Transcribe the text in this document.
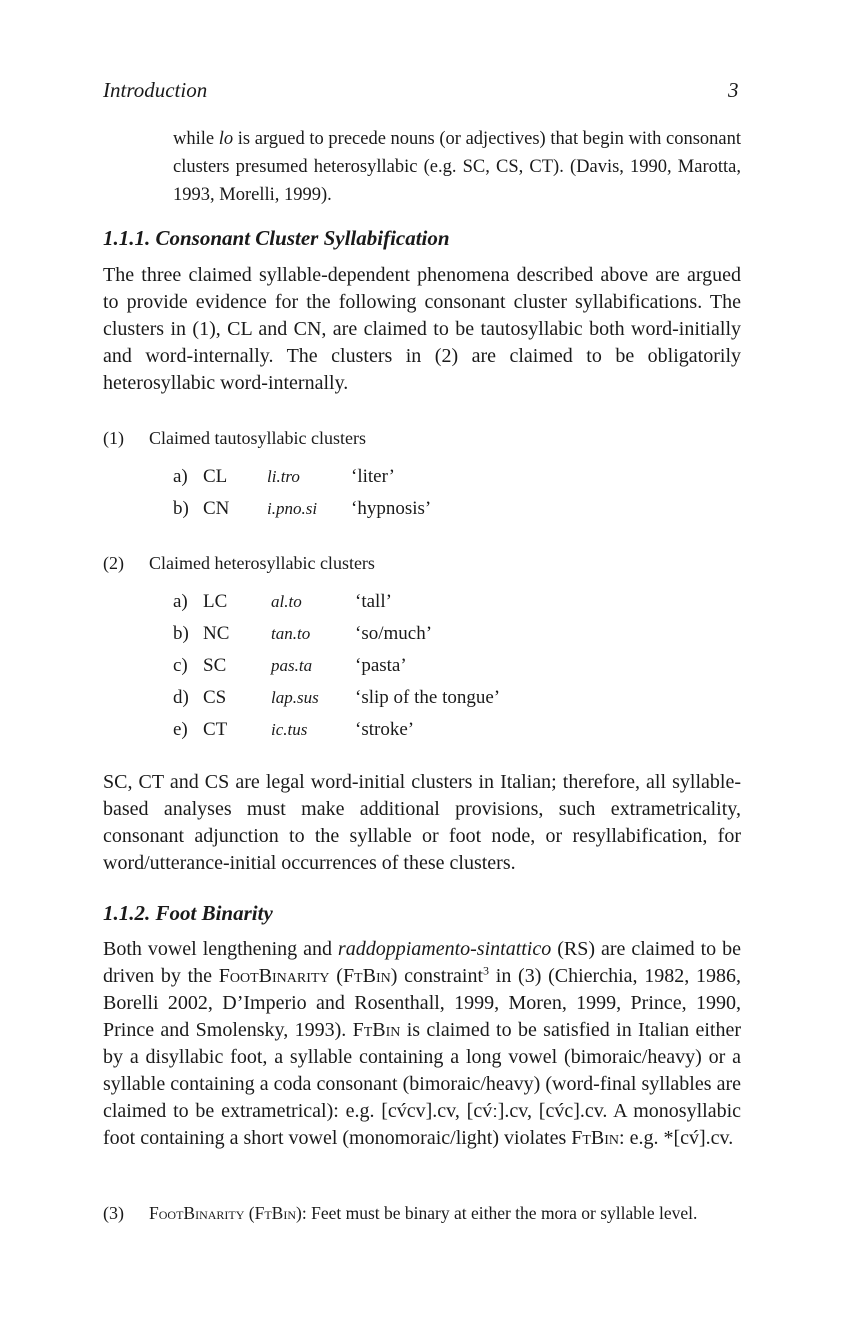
Introduction	3
while lo is argued to precede nouns (or adjectives) that begin with consonant clusters presumed heterosyllabic (e.g. SC, CS, CT). (Davis, 1990, Marotta, 1993, Morelli, 1999).
1.1.1. Consonant Cluster Syllabification
The three claimed syllable-dependent phenomena described above are argued to provide evidence for the following consonant cluster syllabifications. The clusters in (1), CL and CN, are claimed to be tautosyllabic both word-initially and word-internally. The clusters in (2) are claimed to be obligatorily heterosyllabic word-internally.
(1) Claimed tautosyllabic clusters
a) CL li.tro	‘liter’
b) CN i.pno.si ‘hypnosis’
(2) Claimed heterosyllabic clusters
a) LC	al.to	‘tall’
b) NC tan.to ‘so/much’
c) SC	pas.ta ‘pasta’
d) CS	lap.sus ‘slip of the tongue’
e) CT	ic.tus	‘stroke’
SC, CT and CS are legal word-initial clusters in Italian; therefore, all syllable-based analyses must make additional provisions, such extrametricality, consonant adjunction to the syllable or foot node, or resyllabification, for word/utterance-initial occurrences of these clusters.
1.1.2. Foot Binarity
Both vowel lengthening and raddoppiamento-sintattico (RS) are claimed to be driven by the FootBinarity (FtBin) constraint$^3$ in (3) (Chierchia, 1982, 1986, Borelli 2002, D’Imperio and Rosenthall, 1999, Moren, 1999, Prince, 1990, Prince and Smolensky, 1993). FtBin is claimed to be satisfied in Italian either by a disyllabic foot, a syllable containing a long vowel (bimoraic/heavy) or a syllable containing a coda consonant (bimoraic/heavy) (word-final syllables are claimed to be extrametrical): e.g. [cv́cv].cv, [cv́ː].cv, [cv́c].cv. A monosyllabic foot containing a short vowel (monomoraic/light) violates FtBin: e.g. *[cv́].cv.
(3) FootBinarity (FtBin): Feet must be binary at either the mora or syllable level.
